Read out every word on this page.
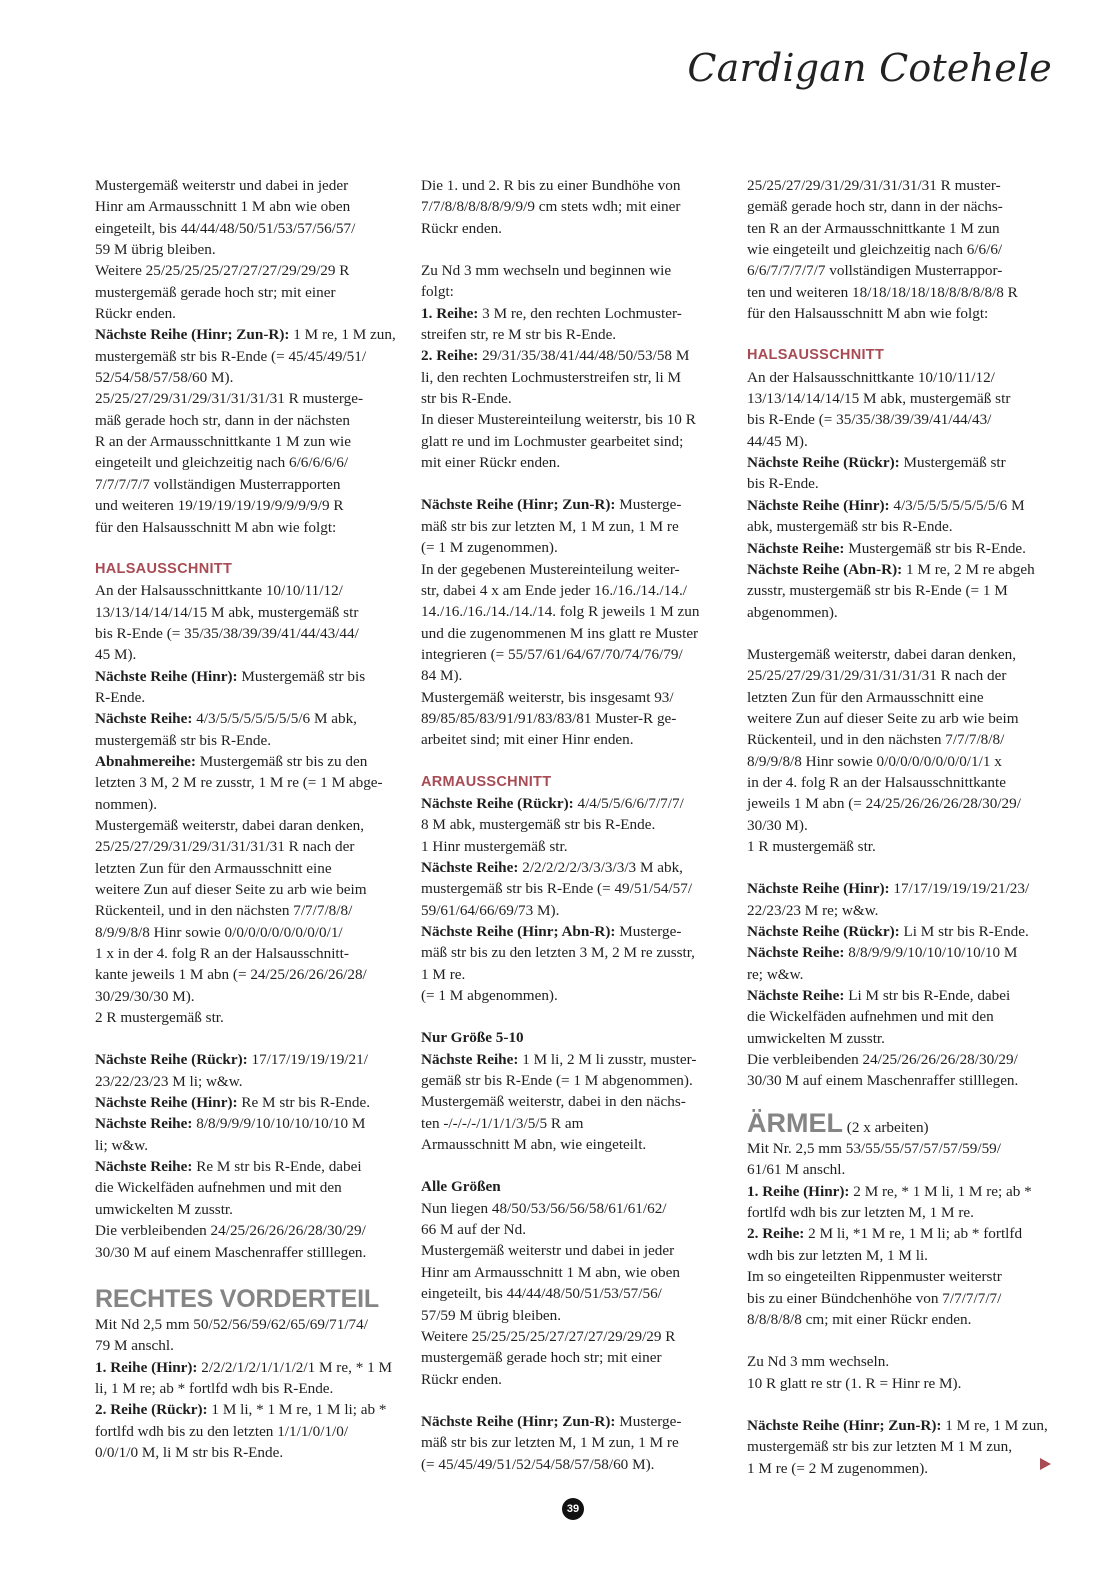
Cardigan Cotehele
Mustergemäß weiterstr und dabei in jeder
Hinr am Armausschnitt 1 M abn wie oben
eingeteilt, bis 44/44/48/50/51/53/57/56/57/
59 M übrig bleiben.
Weitere 25/25/25/25/27/27/27/29/29/29 R
mustergemäß gerade hoch str; mit einer
Rückr enden.
Nächste Reihe (Hinr; Zun-R): 1 M re, 1 M zun,
mustergemäß str bis R-Ende (= 45/45/49/51/
52/54/58/57/58/60 M).
25/25/27/29/31/29/31/31/31/31 R musterge-
mäß gerade hoch str, dann in der nächsten
R an der Armausschnittkante 1 M zun wie
eingeteilt und gleichzeitig nach 6/6/6/6/6/
7/7/7/7/7 vollständigen Musterrapporten
und weiteren 19/19/19/19/19/9/9/9/9/9 R
für den Halsausschnitt M abn wie folgt:
HALSAUSSCHNITT
An der Halsausschnittkante 10/10/11/12/
13/13/14/14/14/15 M abk, mustergemäß str
bis R-Ende (= 35/35/38/39/39/41/44/43/44/
45 M).
Nächste Reihe (Hinr): Mustergemäß str bis
R-Ende.
Nächste Reihe: 4/3/5/5/5/5/5/5/5/6 M abk,
mustergemäß str bis R-Ende.
Abnahmereihe: Mustergemäß str bis zu den
letzten 3 M, 2 M re zusstr, 1 M re (= 1 M abge-
nommen).
Mustergemäß weiterstr, dabei daran denken,
25/25/27/29/31/29/31/31/31/31 R nach der
letzten Zun für den Armausschnitt eine
weitere Zun auf dieser Seite zu arb wie beim
Rückenteil, und in den nächsten 7/7/7/8/8/
8/9/9/8/8 Hinr sowie 0/0/0/0/0/0/0/0/0/1/
1 x in der 4. folg R an der Halsausschnitt-
kante jeweils 1 M abn (= 24/25/26/26/26/28/
30/29/30/30 M).
2 R mustergemäß str.
Nächste Reihe (Rückr): 17/17/19/19/19/21/
23/22/23/23 M li; w&w.
Nächste Reihe (Hinr): Re M str bis R-Ende.
Nächste Reihe: 8/8/9/9/9/10/10/10/10/10 M
li; w&w.
Nächste Reihe: Re M str bis R-Ende, dabei
die Wickelfäden aufnehmen und mit den
umwickelten M zusstr.
Die verbleibenden 24/25/26/26/26/28/30/29/
30/30 M auf einem Maschenraffer stilllegen.
RECHTES VORDERTEIL
Mit Nd 2,5 mm 50/52/56/59/62/65/69/71/74/
79 M anschl.
1. Reihe (Hinr): 2/2/2/1/2/1/1/1/2/1 M re, * 1 M
li, 1 M re; ab * fortlfd wdh bis R-Ende.
2. Reihe (Rückr): 1 M li, * 1 M re, 1 M li; ab *
fortlfd wdh bis zu den letzten 1/1/1/0/1/0/
0/0/1/0 M, li M str bis R-Ende.
Die 1. und 2. R bis zu einer Bundhöhe von
7/7/8/8/8/8/8/9/9/9 cm stets wdh; mit einer
Rückr enden.
Zu Nd 3 mm wechseln und beginnen wie
folgt:
1. Reihe: 3 M re, den rechten Lochmuster-
streifen str, re M str bis R-Ende.
2. Reihe: 29/31/35/38/41/44/48/50/53/58 M
li, den rechten Lochmusterstreifen str, li M
str bis R-Ende.
In dieser Mustereinteilung weiterstr, bis 10 R
glatt re und im Lochmuster gearbeitet sind;
mit einer Rückr enden.
Nächste Reihe (Hinr; Zun-R): Musterge-
mäß str bis zur letzten M, 1 M zun, 1 M re
(= 1 M zugenommen).
In der gegebenen Mustereinteilung weiter-
str, dabei 4 x am Ende jeder 16./16./14./14./
14./16./16./14./14./14. folg R jeweils 1 M zun
und die zugenommenen M ins glatt re Muster
integrieren (= 55/57/61/64/67/70/74/76/79/
84 M).
Mustergemäß weiterstr, bis insgesamt 93/
89/85/85/83/91/91/83/83/81 Muster-R ge-
arbeitet sind; mit einer Hinr enden.
ARMAUSSCHNITT
Nächste Reihe (Rückr): 4/4/5/5/6/6/7/7/7/
8 M abk, mustergemäß str bis R-Ende.
1 Hinr mustergemäß str.
Nächste Reihe: 2/2/2/2/2/3/3/3/3/3 M abk,
mustergemäß str bis R-Ende (= 49/51/54/57/
59/61/64/66/69/73 M).
Nächste Reihe (Hinr; Abn-R): Musterge-
mäß str bis zu den letzten 3 M, 2 M re zusstr,
1 M re.
(= 1 M abgenommen).
Nur Größe 5-10
Nächste Reihe: 1 M li, 2 M li zusstr, muster-
gemäß str bis R-Ende (= 1 M abgenommen).
Mustergemäß weiterstr, dabei in den nächs-
ten -/-/-/-/1/1/1/3/5/5 R am
Armausschnitt M abn, wie eingeteilt.
Alle Größen
Nun liegen 48/50/53/56/56/58/61/61/62/
66 M auf der Nd.
Mustergemäß weiterstr und dabei in jeder
Hinr am Armausschnitt 1 M abn, wie oben
eingeteilt, bis 44/44/48/50/51/53/57/56/
57/59 M übrig bleiben.
Weitere 25/25/25/25/27/27/27/29/29/29 R
mustergemäß gerade hoch str; mit einer
Rückr enden.
Nächste Reihe (Hinr; Zun-R): Musterge-
mäß str bis zur letzten M, 1 M zun, 1 M re
(= 45/45/49/51/52/54/58/57/58/60 M).
25/25/27/29/31/29/31/31/31/31 R muster-
gemäß gerade hoch str, dann in der nächs-
ten R an der Armausschnittkante 1 M zun
wie eingeteilt und gleichzeitig nach 6/6/6/
6/6/7/7/7/7/7 vollständigen Musterrappor-
ten und weiteren 18/18/18/18/18/8/8/8/8/8 R
für den Halsausschnitt M abn wie folgt:
HALSAUSSCHNITT
An der Halsausschnittkante 10/10/11/12/
13/13/14/14/14/15 M abk, mustergemäß str
bis R-Ende (= 35/35/38/39/39/41/44/43/
44/45 M).
Nächste Reihe (Rückr): Mustergemäß str
bis R-Ende.
Nächste Reihe (Hinr): 4/3/5/5/5/5/5/5/5/6 M
abk, mustergemäß str bis R-Ende.
Nächste Reihe: Mustergemäß str bis R-Ende.
Nächste Reihe (Abn-R): 1 M re, 2 M re abgeh
zusstr, mustergemäß str bis R-Ende (= 1 M
abgenommen).
Mustergemäß weiterstr, dabei daran denken,
25/25/27/29/31/29/31/31/31/31 R nach der
letzten Zun für den Armausschnitt eine
weitere Zun auf dieser Seite zu arb wie beim
Rückenteil, und in den nächsten 7/7/7/8/8/
8/9/9/8/8 Hinr sowie 0/0/0/0/0/0/0/0/1/1 x
in der 4. folg R an der Halsausschnittkante
jeweils 1 M abn (= 24/25/26/26/26/28/30/29/
30/30 M).
1 R mustergemäß str.
Nächste Reihe (Hinr): 17/17/19/19/19/21/23/
22/23/23 M re; w&w.
Nächste Reihe (Rückr): Li M str bis R-Ende.
Nächste Reihe: 8/8/9/9/9/10/10/10/10/10 M
re; w&w.
Nächste Reihe: Li M str bis R-Ende, dabei
die Wickelfäden aufnehmen und mit den
umwickelten M zusstr.
Die verbleibenden 24/25/26/26/26/28/30/29/
30/30 M auf einem Maschenraffer stilllegen.
ÄRMEL (2 x arbeiten)
Mit Nr. 2,5 mm 53/55/55/57/57/57/59/59/
61/61 M anschl.
1. Reihe (Hinr): 2 M re, * 1 M li, 1 M re; ab *
fortlfd wdh bis zur letzten M, 1 M re.
2. Reihe: 2 M li, *1 M re, 1 M li; ab * fortlfd
wdh bis zur letzten M, 1 M li.
Im so eingeteilten Rippenmuster weiterstr
bis zu einer Bündchenhöhe von 7/7/7/7/7/
8/8/8/8/8 cm; mit einer Rückr enden.
Zu Nd 3 mm wechseln.
10 R glatt re str (1. R = Hinr re M).
Nächste Reihe (Hinr; Zun-R): 1 M re, 1 M zun,
mustergemäß str bis zur letzten M 1 M zun,
1 M re (= 2 M zugenommen).
39
